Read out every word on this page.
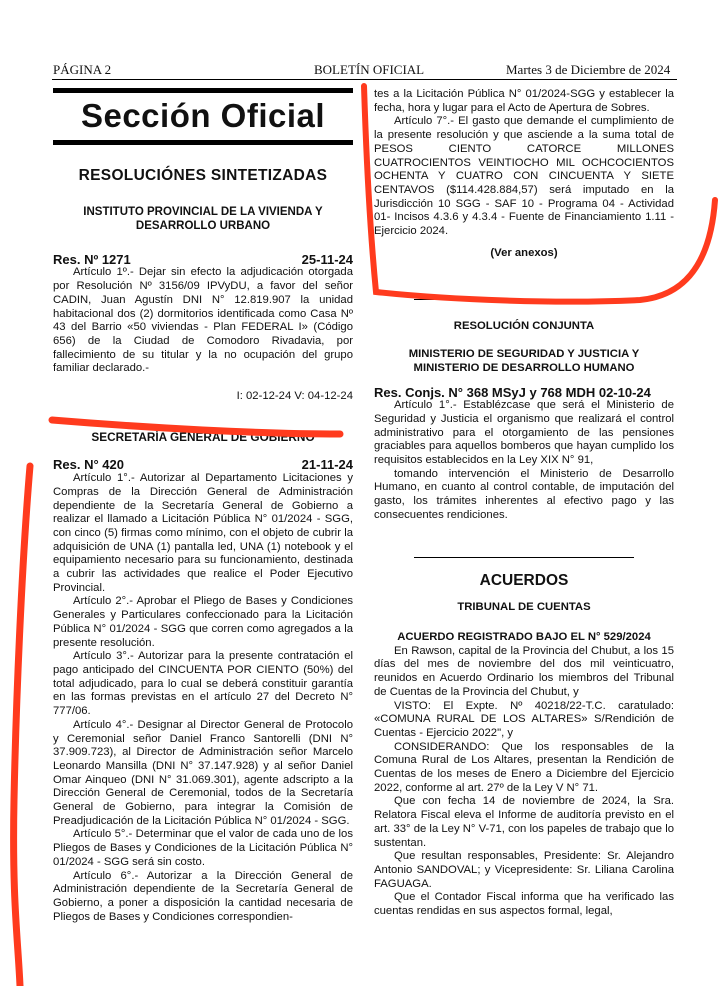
PÁGINA 2	BOLETÍN OFICIAL	Martes 3 de Diciembre de 2024
Sección Oficial
RESOLUCIÓNES SINTETIZADAS
INSTITUTO PROVINCIAL DE LA VIVIENDA Y DESARROLLO URBANO
Res. Nº 1271	25-11-24

Artículo 1º.- Dejar sin efecto la adjudicación otorgada por Resolución Nº 3156/09 IPVyDU, a favor del señor CADIN, Juan Agustín DNI N° 12.819.907 la unidad habitacional dos (2) dormitorios identificada como Casa Nº 43 del Barrio «50 viviendas - Plan FEDERAL I» (Código 656) de la Ciudad de Comodoro Rivadavia, por fallecimiento de su titular y la no ocupación del grupo familiar declarado.-

I: 02-12-24 V: 04-12-24

SECRETARÍA GENERAL DE GOBIERNO
Res. N° 420	21-11-24

Artículo 1°.- Autorizar al Departamento Licitaciones y Compras de la Dirección General de Administración dependiente de la Secretaría General de Gobierno a realizar el llamado a Licitación Pública N° 01/2024 - SGG, con cinco (5) firmas como mínimo, con el objeto de cubrir la adquisición de UNA (1) pantalla led, UNA (1) notebook y el equipamiento necesario para su funcionamiento, destinada a cubrir las actividades que realice el Poder Ejecutivo Provincial.

Artículo 2°.- Aprobar el Pliego de Bases y Condiciones Generales y Particulares confeccionado para la Licitación Pública N° 01/2024 - SGG que corren como agregados a la presente resolución.

Artículo 3°.- Autorizar para la presente contratación el pago anticipado del CINCUENTA POR CIENTO (50%) del total adjudicado, para lo cual se deberá constituir garantía en las formas previstas en el artículo 27 del Decreto N° 777/06.

Artículo 4°.- Designar al Director General de Protocolo y Ceremonial señor Daniel Franco Santorelli (DNI N° 37.909.723), al Director de Administración señor Marcelo Leonardo Mansilla (DNI N° 37.147.928) y al señor Daniel Omar Ainqueo (DNI N° 31.069.301), agente adscripto a la Dirección General de Ceremonial, todos de la Secretaría General de Gobierno, para integrar la Comisión de Preadjudicación de la Licitación Pública N° 01/2024 - SGG.

Artículo 5°.- Determinar que el valor de cada uno de los Pliegos de Bases y Condiciones de la Licitación Pública N° 01/2024 - SGG será sin costo.

Artículo 6°.- Autorizar a la Dirección General de Administración dependiente de la Secretaría General de Gobierno, a poner a disposición la cantidad necesaria de Pliegos de Bases y Condiciones correspondien-

tes a la Licitación Pública N° 01/2024-SGG y establecer la fecha, hora y lugar para el Acto de Apertura de Sobres.

Artículo 7°.- El gasto que demande el cumplimiento de la presente resolución y que asciende a la suma total de PESOS CIENTO CATORCE MILLONES CUATROCIENTOS VEINTIOCHO MIL OCHCOCIENTOS OCHENTA Y CUATRO CON CINCUENTA Y SIETE CENTAVOS ($114.428.884,57) será imputado en la Jurisdicción 10 SGG - SAF 10 - Programa 04 - Actividad 01- Incisos 4.3.6 y 4.3.4 - Fuente de Financiamiento 1.11 - Ejercicio 2024.

(Ver anexos)

RESOLUCIÓN CONJUNTA
MINISTERIO DE SEGURIDAD Y JUSTICIA Y MINISTERIO DE DESARROLLO HUMANO
Res. Conjs. N° 368 MSyJ y 768 MDH 02-10-24

Artículo 1°.- Establézcase que será el Ministerio de Seguridad y Justicia el organismo que realizará el control administrativo para el otorgamiento de las pensiones graciables para aquellos bomberos que hayan cumplido los requisitos establecidos en la Ley XIX N° 91,

tomando intervención el Ministerio de Desarrollo Humano, en cuanto al control contable, de imputación del gasto, los trámites inherentes al efectivo pago y las consecuentes rendiciones.

ACUERDOS
TRIBUNAL DE CUENTAS
ACUERDO REGISTRADO BAJO EL N° 529/2024

En Rawson, capital de la Provincia del Chubut, a los 15 días del mes de noviembre del dos mil veinticuatro, reunidos en Acuerdo Ordinario los miembros del Tribunal de Cuentas de la Provincia del Chubut, y

VISTO: El Expte. Nº 40218/22-T.C. caratulado: «COMUNA RURAL DE LOS ALTARES» S/Rendición de Cuentas - Ejercicio 2022", y

CONSIDERANDO: Que los responsables de la Comuna Rural de Los Altares, presentan la Rendición de Cuentas de los meses de Enero a Diciembre del Ejercicio 2022, conforme al art. 27º de la Ley V N° 71.

Que con fecha 14 de noviembre de 2024, la Sra. Relatora Fiscal eleva el Informe de auditoría previsto en el art. 33° de la Ley N° V-71, con los papeles de trabajo que lo sustentan.

Que resultan responsables, Presidente: Sr. Alejandro Antonio SANDOVAL; y Vicepresidente: Sr. Liliana Carolina FAGUAGA.

Que el Contador Fiscal informa que ha verificado las cuentas rendidas en sus aspectos formal, legal,
